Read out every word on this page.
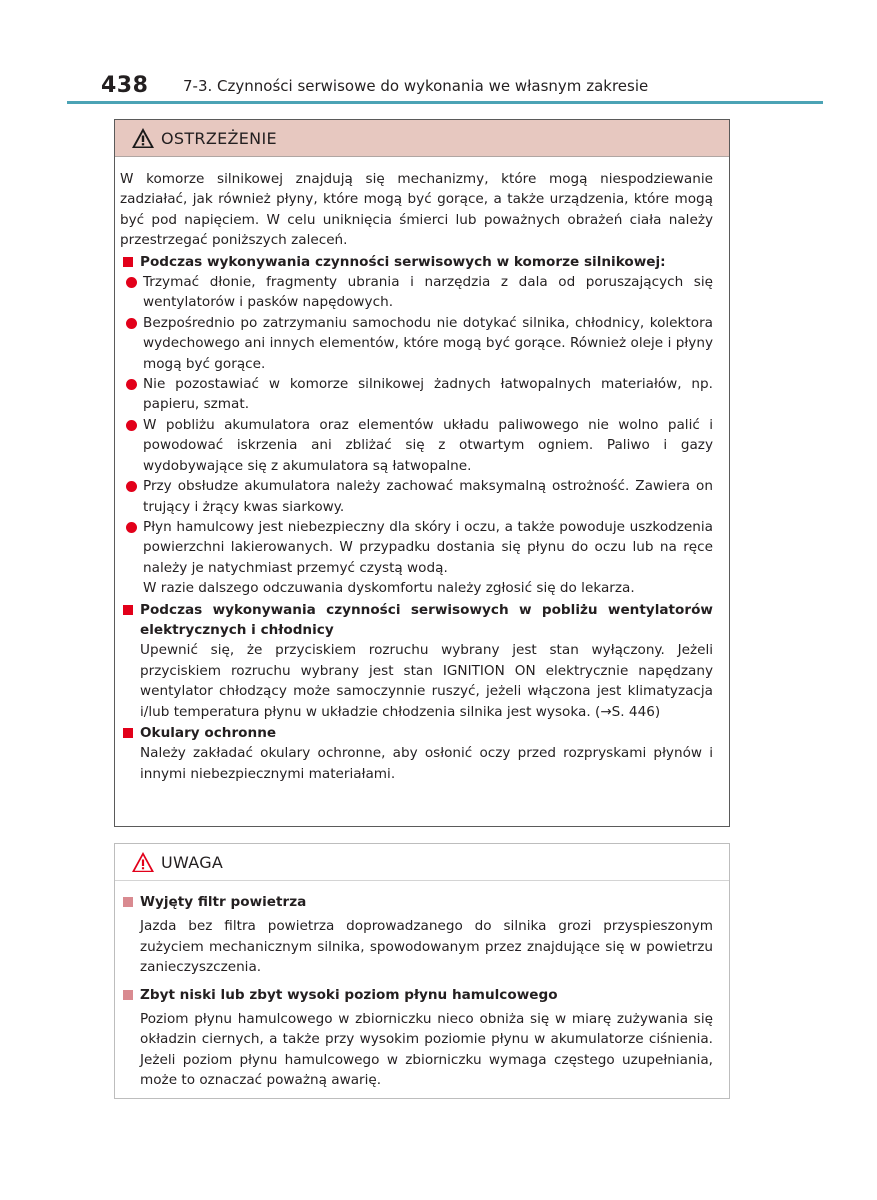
438 7-3. Czynności serwisowe do wykonania we własnym zakresie
OSTRZEŻENIE

W komorze silnikowej znajdują się mechanizmy, które mogą niespodziewanie zadziałać, jak również płyny, które mogą być gorące, a także urządzenia, które mogą być pod napięciem. W celu uniknięcia śmierci lub poważnych obrażeń ciała należy przestrzegać poniższych zaleceń.

Podczas wykonywania czynności serwisowych w komorze silnikowej:
Trzymać dłonie, fragmenty ubrania i narzędzia z dala od poruszających się wentylatorów i pasków napędowych.
Bezpośrednio po zatrzymaniu samochodu nie dotykać silnika, chłodnicy, kolektora wydechowego ani innych elementów, które mogą być gorące. Również oleje i płyny mogą być gorące.
Nie pozostawiać w komorze silnikowej żadnych łatwopalnych materiałów, np. papieru, szmat.
W pobliżu akumulatora oraz elementów układu paliwowego nie wolno palić i powodować iskrzenia ani zbliżać się z otwartym ogniem. Paliwo i gazy wydobywające się z akumulatora są łatwopalne.
Przy obsłudze akumulatora należy zachować maksymalną ostrożność. Zawiera on trujący i żrący kwas siarkowy.
Płyn hamulcowy jest niebezpieczny dla skóry i oczu, a także powoduje uszkodzenia powierzchni lakierowanych. W przypadku dostania się płynu do oczu lub na ręce należy je natychmiast przemyć czystą wodą.
W razie dalszego odczuwania dyskomfortu należy zgłosić się do lekarza.
Podczas wykonywania czynności serwisowych w pobliżu wentylatorów elektrycznych i chłodnicy

Upewnić się, że przyciskiem rozruchu wybrany jest stan wyłączony. Jeżeli przyciskiem rozruchu wybrany jest stan IGNITION ON elektrycznie napędzany wentylator chłodzący może samoczynnie ruszyć, jeżeli włączona jest klimatyzacja i/lub temperatura płynu w układzie chłodzenia silnika jest wysoka. (→S. 446)

Okulary ochronne

Należy zakładać okulary ochronne, aby osłonić oczy przed rozpryskami płynów i innymi niebezpiecznymi materiałami.

UWAGA
Wyjęty filtr powietrza

Jazda bez filtra powietrza doprowadzanego do silnika grozi przyspieszonym zużyciem mechanicznym silnika, spowodowanym przez znajdujące się w powietrzu zanieczyszczenia.

Zbyt niski lub zbyt wysoki poziom płynu hamulcowego

Poziom płynu hamulcowego w zbiorniczku nieco obniża się w miarę zużywania się okładzin ciernych, a także przy wysokim poziomie płynu w akumulatorze ciśnienia. Jeżeli poziom płynu hamulcowego w zbiorniczku wymaga częstego uzupełniania, może to oznaczać poważną awarię.
